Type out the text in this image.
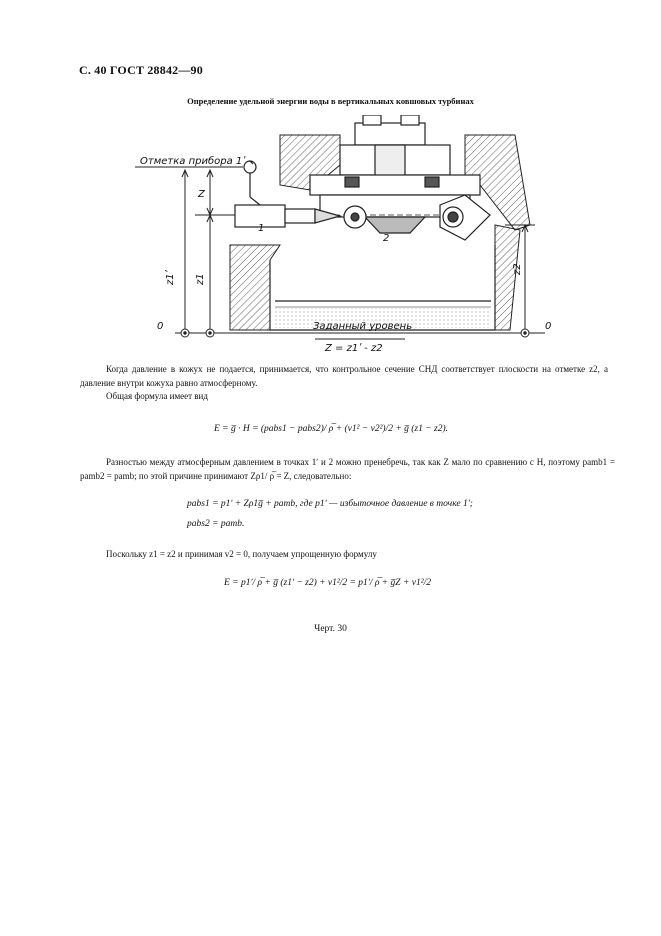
С. 40 ГОСТ 28842—90
Определение удельной энергии воды в вертикальных ковшовых турбинах
Отметка прибора 1ʹ
Z
z1ʹ z1
z2
1
2
0	0
Заданный уровень
Z = z1ʹ - z2
Когда давление в кожух не подается, принимается, что контрольное сечение СНД соответствует плоскости на отметке z2, а давление внутри кожуха равно атмосферному.
Общая формула имеет вид
E = g̅ · H = (pabs1 − pabs2)/ ρ̅ + (v1² − v2²)/2 + g̅ (z1 − z2).
Разностью между атмосферным давлением в точках 1ʹ и 2 можно пренебречь, так как Z мало по сравнению с H, поэтому pamb1 = pamb2 = pamb; по этой причине принимают Zρ1/ ρ̅ = Z, следовательно:
pabs1 = p1ʹ + Zρ1g̅ + pamb, где p1ʹ — избыточное давление в точке 1ʹ;
pabs2 = pamb.
Поскольку z1 = z2 и принимая v2 = 0, получаем упрощенную формулу
E = p1ʹ/ ρ̅ + g̅ (z1ʹ − z2) + v1²/2 = p1ʹ/ ρ̅ + g̅Z + v1²/2
Черт. 30
